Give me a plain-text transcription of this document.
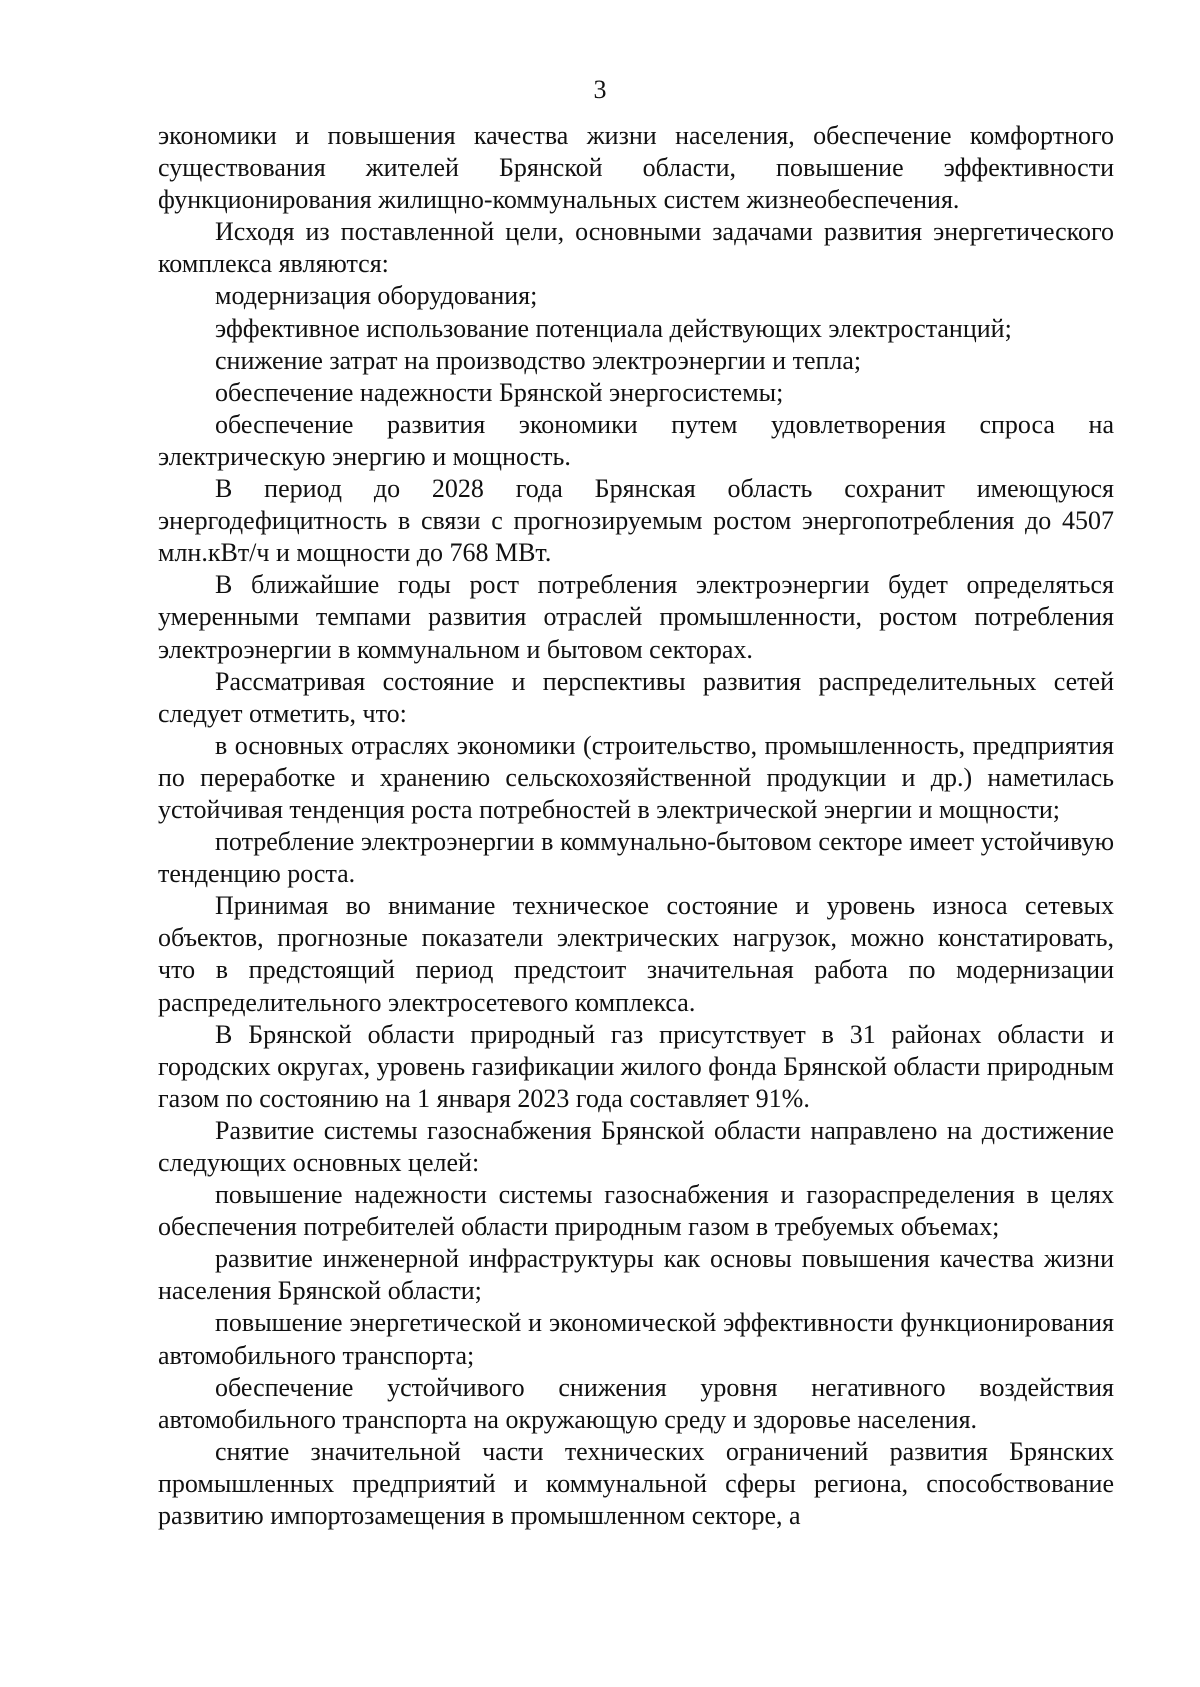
3

экономики и повышения качества жизни населения, обеспечение комфортного существования жителей Брянской области, повышение эффективности функционирования жилищно-коммунальных систем жизнеобеспечения.

Исходя из поставленной цели, основными задачами развития энергетического комплекса являются:

модернизация оборудования;

эффективное использование потенциала действующих электростанций;

снижение затрат на производство электроэнергии и тепла;

обеспечение надежности Брянской энергосистемы;

обеспечение развития экономики путем удовлетворения спроса на электрическую энергию и мощность.

В период до 2028 года Брянская область сохранит имеющуюся энергодефицитность в связи с прогнозируемым ростом энергопотребления до 4507 млн.кВт/ч и мощности до 768 МВт.

В ближайшие годы рост потребления электроэнергии будет определяться умеренными темпами развития отраслей промышленности, ростом потребления электроэнергии в коммунальном и бытовом секторах.

Рассматривая состояние и перспективы развития распределительных сетей следует отметить, что:

в основных отраслях экономики (строительство, промышленность, предприятия по переработке и хранению сельскохозяйственной продукции и др.) наметилась устойчивая тенденция роста потребностей в электрической энергии и мощности;

потребление электроэнергии в коммунально-бытовом секторе имеет устойчивую тенденцию роста.

Принимая во внимание техническое состояние и уровень износа сетевых объектов, прогнозные показатели электрических нагрузок, можно констатировать, что в предстоящий период предстоит значительная работа по модернизации распределительного электросетевого комплекса.

В Брянской области природный газ присутствует в 31 районах области и городских округах, уровень газификации жилого фонда Брянской области природным газом по состоянию на 1 января 2023 года составляет 91%.

Развитие системы газоснабжения Брянской области направлено на достижение следующих основных целей:

повышение надежности системы газоснабжения и газораспределения в целях обеспечения потребителей области природным газом в требуемых объемах;

развитие инженерной инфраструктуры как основы повышения качества жизни населения Брянской области;

повышение энергетической и экономической эффективности функционирования автомобильного транспорта;

обеспечение устойчивого снижения уровня негативного воздействия автомобильного транспорта на окружающую среду и здоровье населения.

снятие значительной части технических ограничений развития Брянских промышленных предприятий и коммунальной сферы региона, способствование развитию импортозамещения в промышленном секторе, а
